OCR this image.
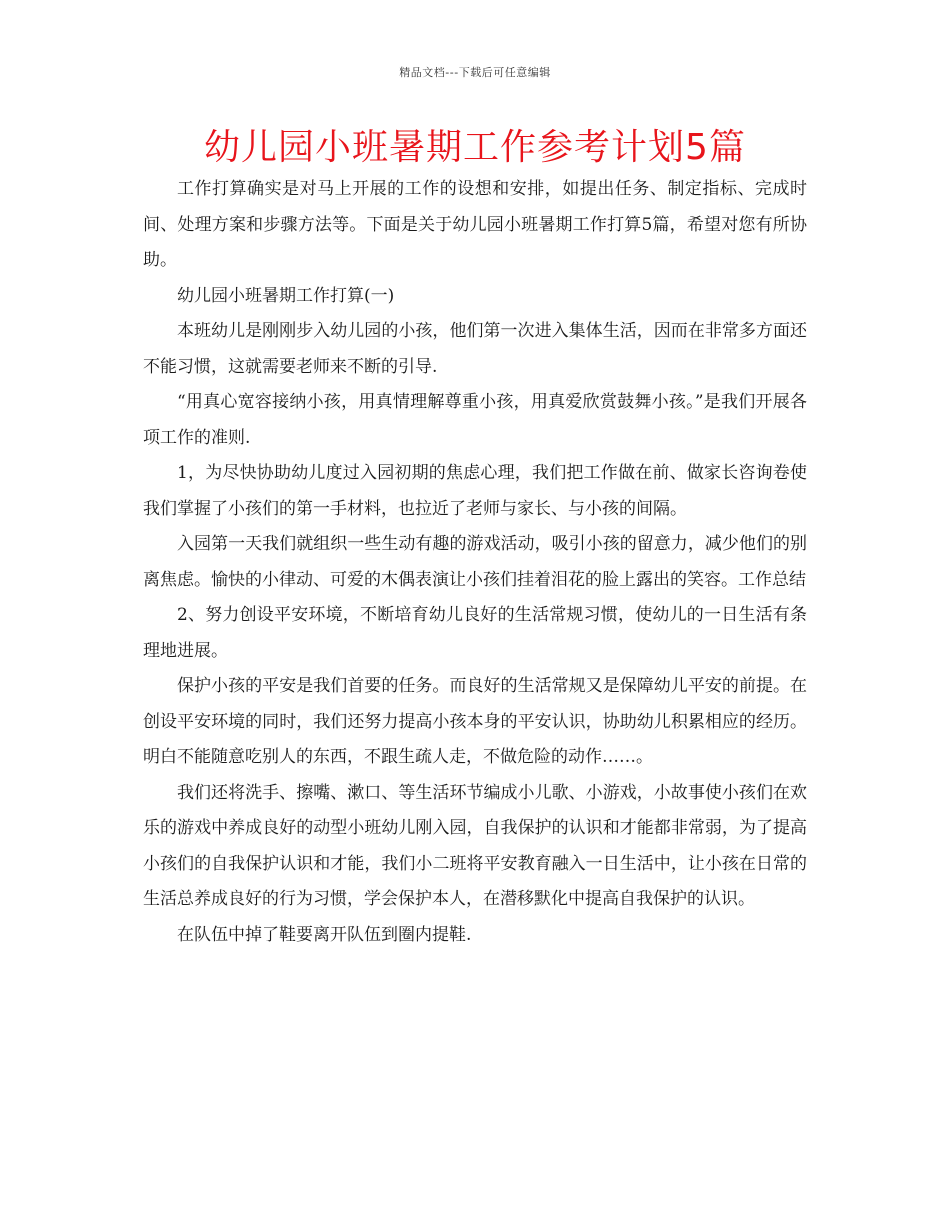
精品文档---下载后可任意编辑
幼儿园小班暑期工作参考计划5篇

工作打算确实是对马上开展的工作的设想和安排，如提出任务、制定指标、完成时间、处理方案和步骤方法等。下面是关于幼儿园小班暑期工作打算5篇，希望对您有所协助。

幼儿园小班暑期工作打算(一)

本班幼儿是刚刚步入幼儿园的小孩，他们第一次进入集体生活，因而在非常多方面还不能习惯，这就需要老师来不断的引导.

“用真心宽容接纳小孩，用真情理解尊重小孩，用真爱欣赏鼓舞小孩。”是我们开展各项工作的准则.

1，为尽快协助幼儿度过入园初期的焦虑心理，我们把工作做在前、做家长咨询卷使我们掌握了小孩们的第一手材料，也拉近了老师与家长、与小孩的间隔。

入园第一天我们就组织一些生动有趣的游戏活动，吸引小孩的留意力，减少他们的别离焦虑。愉快的小律动、可爱的木偶表演让小孩们挂着泪花的脸上露出的笑容。工作总结

2、努力创设平安环境，不断培育幼儿良好的生活常规习惯，使幼儿的一日生活有条理地进展。

保护小孩的平安是我们首要的任务。而良好的生活常规又是保障幼儿平安的前提。在创设平安环境的同时，我们还努力提高小孩本身的平安认识，协助幼儿积累相应的经历。明白不能随意吃别人的东西，不跟生疏人走，不做危险的动作……。

我们还将洗手、擦嘴、漱口、等生活环节编成小儿歌、小游戏，小故事使小孩们在欢乐的游戏中养成良好的动型小班幼儿刚入园，自我保护的认识和才能都非常弱，为了提高小孩们的自我保护认识和才能，我们小二班将平安教育融入一日生活中，让小孩在日常的生活总养成良好的行为习惯，学会保护本人，在潜移默化中提高自我保护的认识。

在队伍中掉了鞋要离开队伍到圈内提鞋.
